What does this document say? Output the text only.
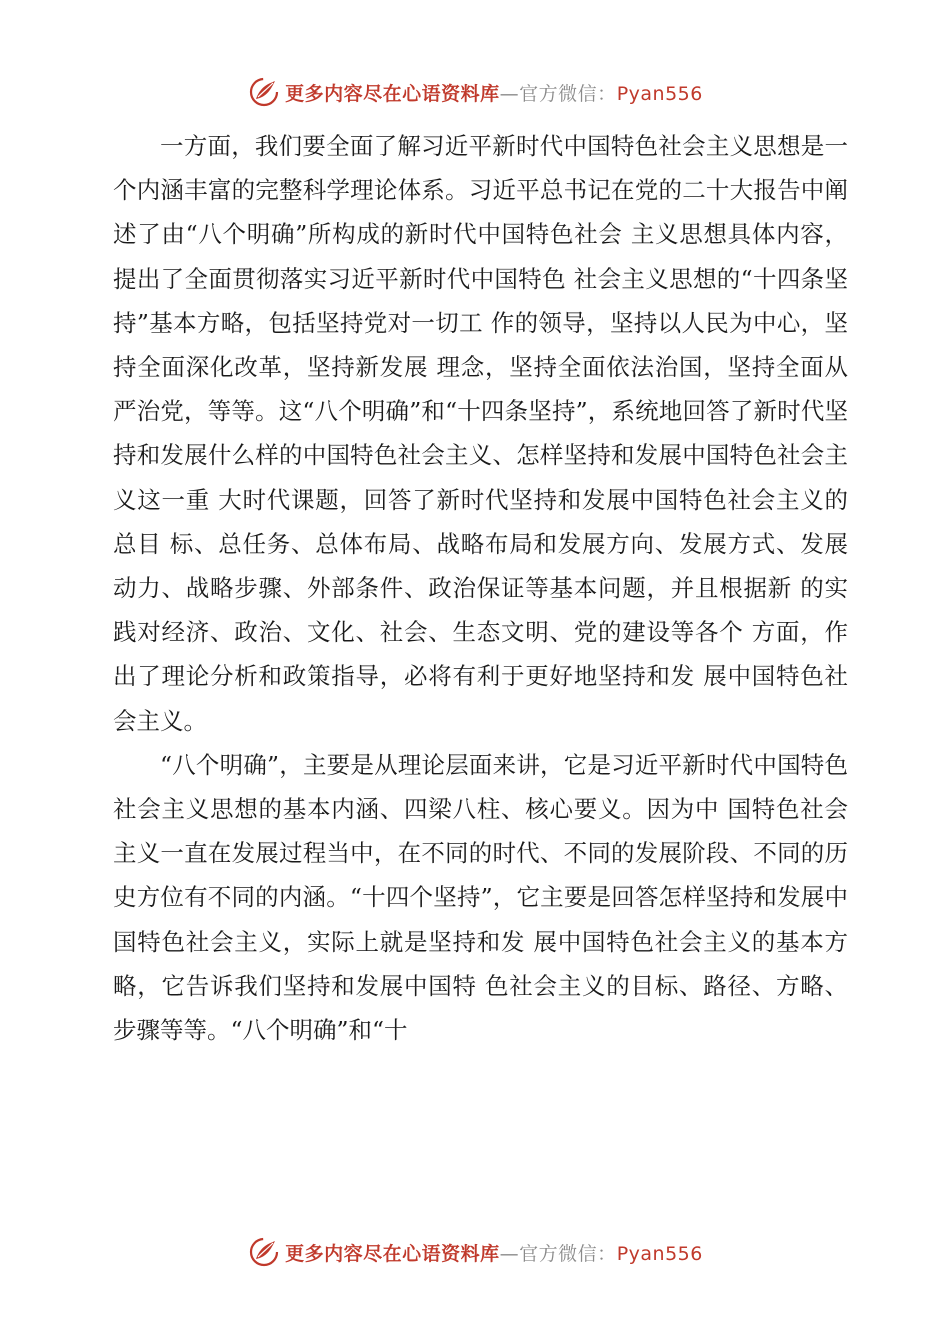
更多内容尽在心语资料库—官方微信：Pyan556

一方面，我们要全面了解习近平新时代中国特色社会主义思想是一个内涵丰富的完整科学理论体系。习近平总书记在党的二十大报告中阐述了由“八个明确”所构成的新时代中国特色社会 主义思想具体内容，提出了全面贯彻落实习近平新时代中国特色 社会主义思想的“十四条坚持”基本方略，包括坚持党对一切工 作的领导，坚持以人民为中心，坚持全面深化改革，坚持新发展 理念，坚持全面依法治国，坚持全面从严治党，等等。这“八个明确”和“十四条坚持”，系统地回答了新时代坚持和发展什么样的中国特色社会主义、怎样坚持和发展中国特色社会主义这一重 大时代课题，回答了新时代坚持和发展中国特色社会主义的总目 标、总任务、总体布局、战略布局和发展方向、发展方式、发展 动力、战略步骤、外部条件、政治保证等基本问题，并且根据新 的实践对经济、政治、文化、社会、生态文明、党的建设等各个 方面，作出了理论分析和政策指导，必将有利于更好地坚持和发 展中国特色社会主义。

“八个明确”，主要是从理论层面来讲，它是习近平新时代中国特色社会主义思想的基本内涵、四梁八柱、核心要义。因为中 国特色社会主义一直在发展过程当中，在不同的时代、不同的发展阶段、不同的历史方位有不同的内涵。“十四个坚持”，它主要是回答怎样坚持和发展中国特色社会主义，实际上就是坚持和发 展中国特色社会主义的基本方略，它告诉我们坚持和发展中国特 色社会主义的目标、路径、方略、步骤等等。“八个明确”和“十

更多内容尽在心语资料库—官方微信：Pyan556
